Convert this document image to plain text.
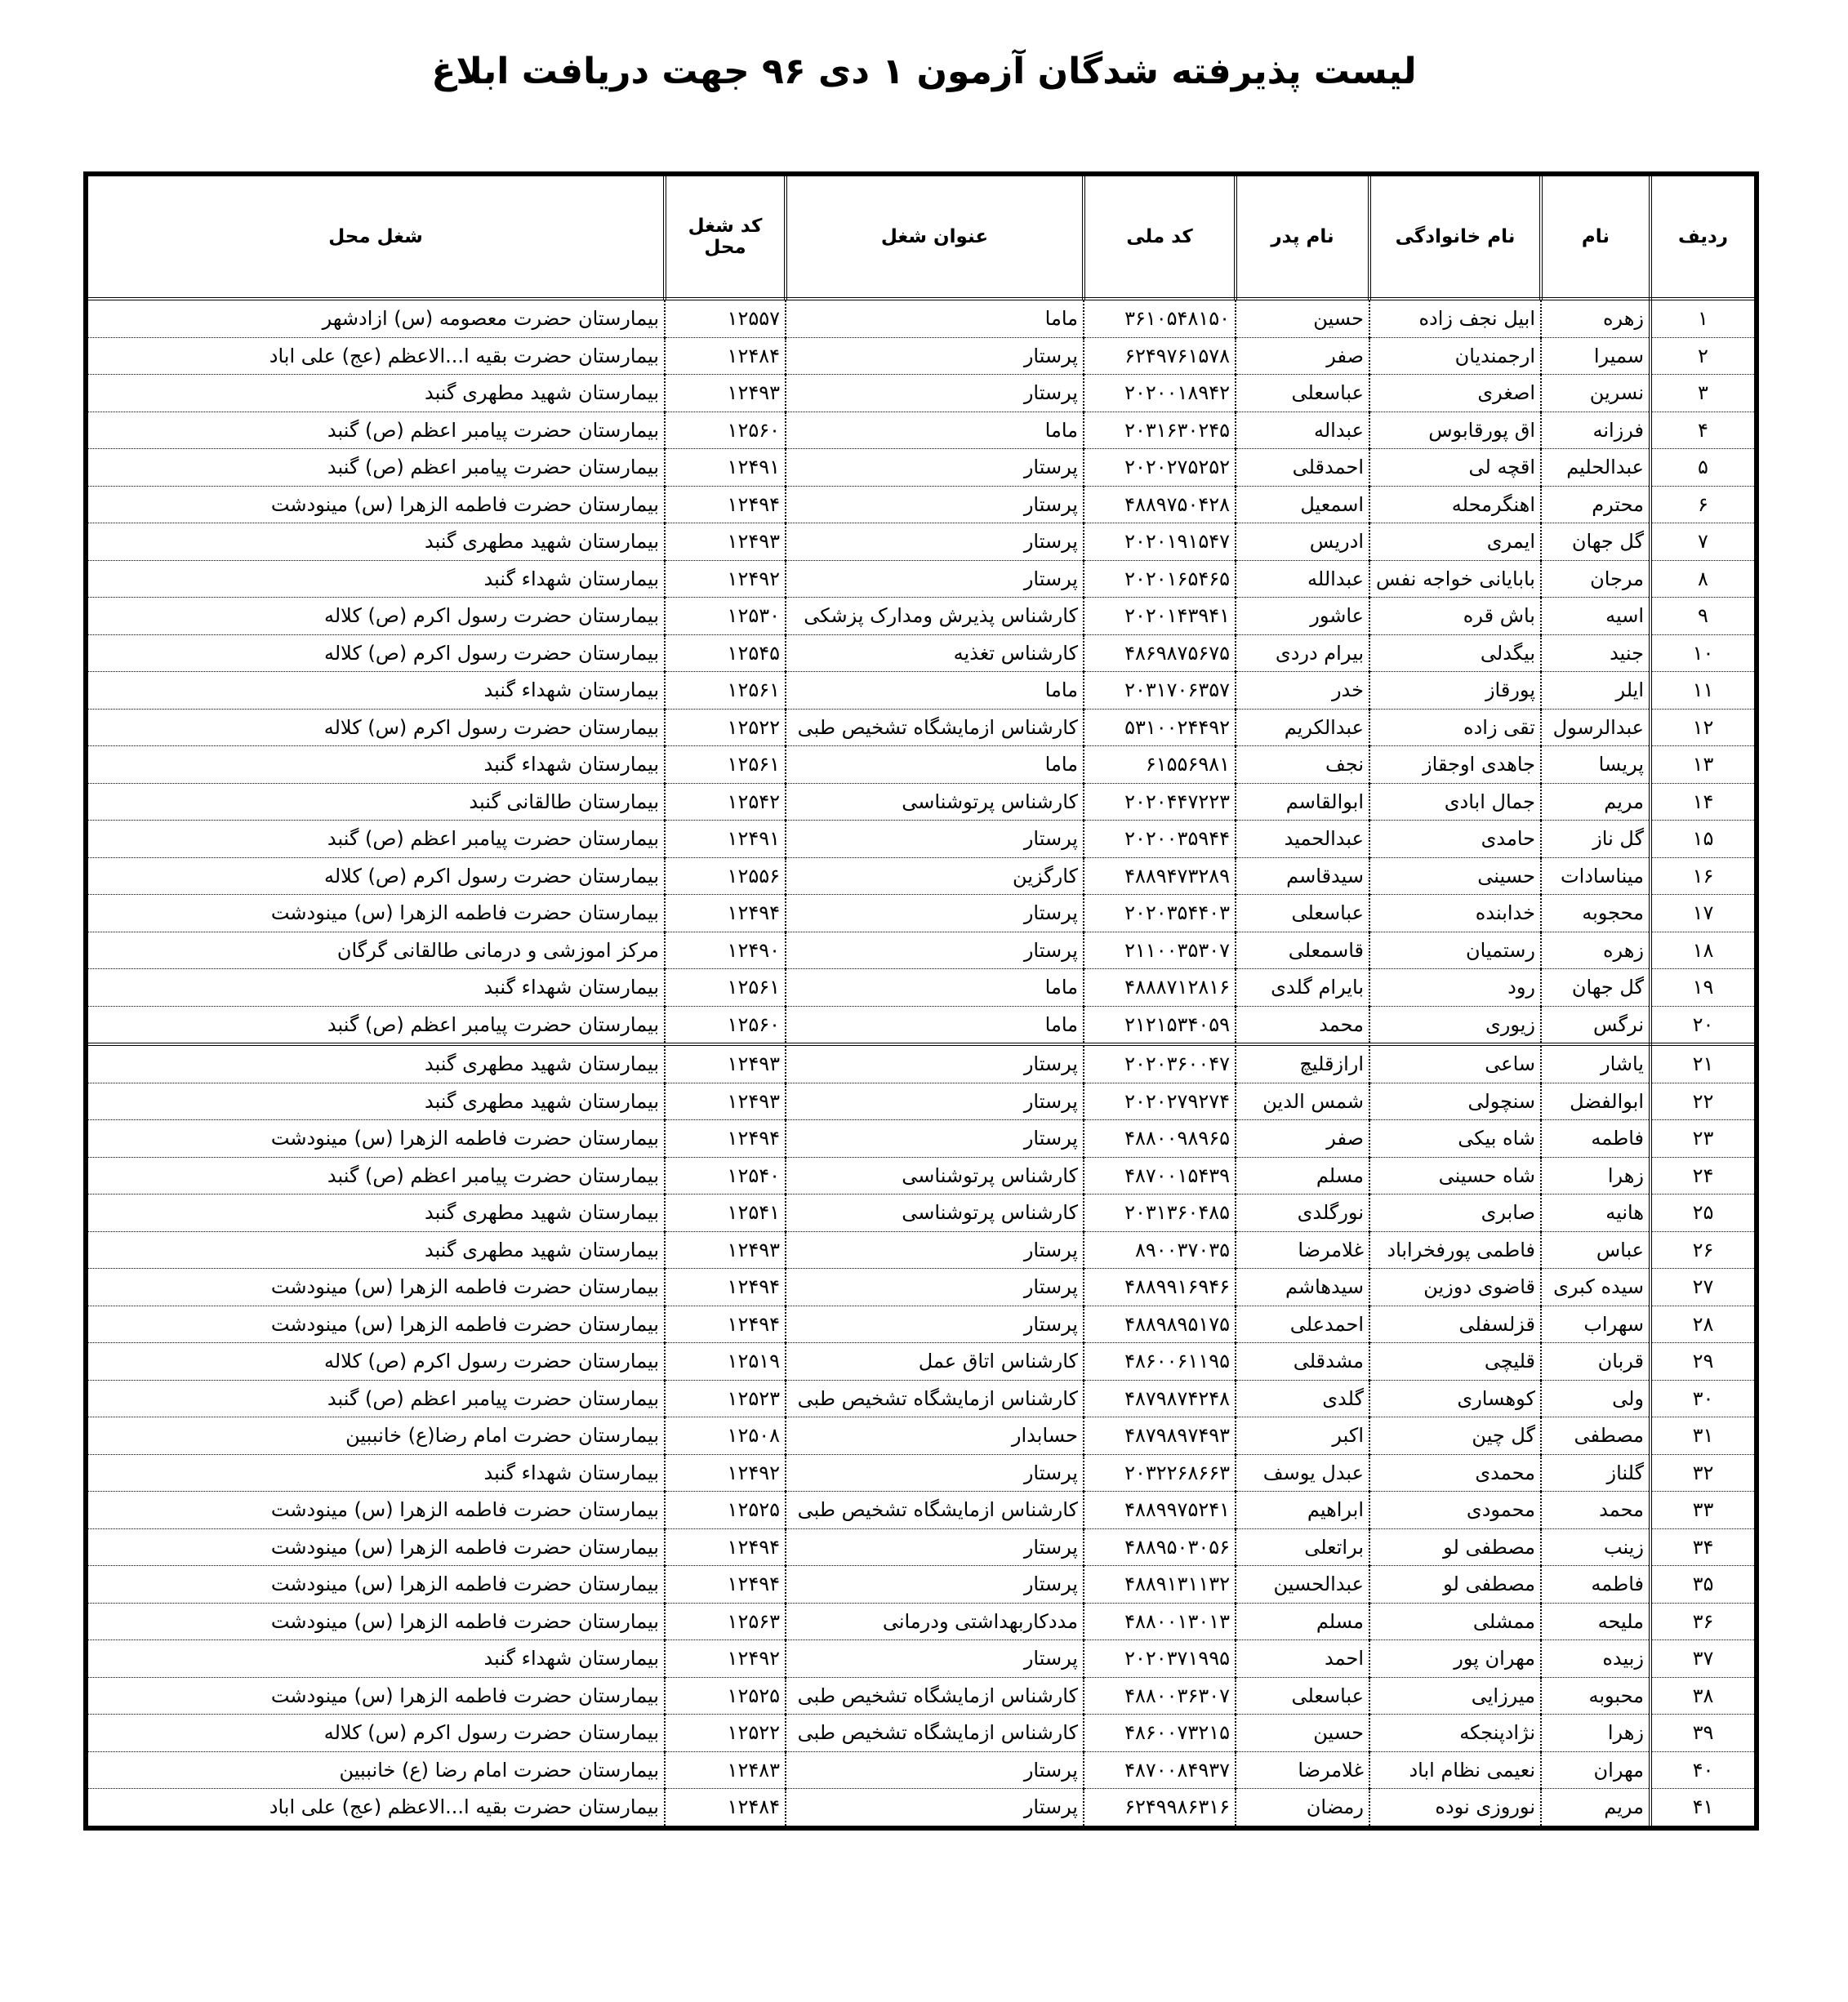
لیست پذیرفته شدگان آزمون ۱ دی ۹۶ جهت دریافت ابلاغ
ردیف	نام	نام خانوادگی	نام پدر	کد ملی	عنوان شغل	کد شغل محل	شغل محل
۱	زهره	ابیل نجف زاده	حسین	۳۶۱۰۵۴۸۱۵۰	ماما	۱۲۵۵۷	بیمارستان حضرت معصومه (س) ازادشهر
۲	سمیرا	ارجمندیان	صفر	۶۲۴۹۷۶۱۵۷۸	پرستار	۱۲۴۸۴	بیمارستان حضرت بقیه ا...الاعظم (عج) علی اباد
۳	نسرین	اصغری	عباسعلی	۲۰۲۰۰۱۸۹۴۲	پرستار	۱۲۴۹۳	بیمارستان شهید مطهری گنبد
۴	فرزانه	اق پورقابوس	عبداله	۲۰۳۱۶۳۰۲۴۵	ماما	۱۲۵۶۰	بیمارستان حضرت پیامبر اعظم (ص) گنبد
۵	عبدالحلیم	اقچه لی	احمدقلی	۲۰۲۰۲۷۵۲۵۲	پرستار	۱۲۴۹۱	بیمارستان حضرت پیامبر اعظم (ص) گنبد
۶	محترم	اهنگرمحله	اسمعیل	۴۸۸۹۷۵۰۴۲۸	پرستار	۱۲۴۹۴	بیمارستان حضرت فاطمه الزهرا (س) مینودشت
۷	گل جهان	ایمری	ادریس	۲۰۲۰۱۹۱۵۴۷	پرستار	۱۲۴۹۳	بیمارستان شهید مطهری گنبد
۸	مرجان	بابایانی خواجه نفس	عبدالله	۲۰۲۰۱۶۵۴۶۵	پرستار	۱۲۴۹۲	بیمارستان شهداء گنبد
۹	اسیه	باش قره	عاشور	۲۰۲۰۱۴۳۹۴۱	کارشناس پذیرش ومدارک پزشکی	۱۲۵۳۰	بیمارستان حضرت رسول اکرم (ص) کلاله
۱۰	جنید	بیگدلی	بیرام دردی	۴۸۶۹۸۷۵۶۷۵	کارشناس تغذیه	۱۲۵۴۵	بیمارستان حضرت رسول اکرم (ص) کلاله
۱۱	ایلر	پورقاز	خدر	۲۰۳۱۷۰۶۳۵۷	ماما	۱۲۵۶۱	بیمارستان شهداء گنبد
۱۲	عبدالرسول	تقی زاده	عبدالکریم	۵۳۱۰۰۲۴۴۹۲	کارشناس ازمایشگاه تشخیص طبی	۱۲۵۲۲	بیمارستان حضرت رسول اکرم (س) کلاله
۱۳	پریسا	جاهدی اوجقاز	نجف	۶۱۵۵۶۹۸۱	ماما	۱۲۵۶۱	بیمارستان شهداء گنبد
۱۴	مریم	جمال ابادی	ابوالقاسم	۲۰۲۰۴۴۷۲۲۳	کارشناس پرتوشناسی	۱۲۵۴۲	بیمارستان طالقانی گنبد
۱۵	گل ناز	حامدی	عبدالحمید	۲۰۲۰۰۳۵۹۴۴	پرستار	۱۲۴۹۱	بیمارستان حضرت پیامبر اعظم (ص) گنبد
۱۶	میناسادات	حسینی	سیدقاسم	۴۸۸۹۴۷۳۲۸۹	کارگزین	۱۲۵۵۶	بیمارستان حضرت رسول اکرم (ص) کلاله
۱۷	محجوبه	خدابنده	عباسعلی	۲۰۲۰۳۵۴۴۰۳	پرستار	۱۲۴۹۴	بیمارستان حضرت فاطمه الزهرا (س) مینودشت
۱۸	زهره	رستمیان	قاسمعلی	۲۱۱۰۰۳۵۳۰۷	پرستار	۱۲۴۹۰	مرکز اموزشی و درمانی طالقانی گرگان
۱۹	گل جهان	رود	بایرام گلدی	۴۸۸۸۷۱۲۸۱۶	ماما	۱۲۵۶۱	بیمارستان شهداء گنبد
۲۰	نرگس	زیوری	محمد	۲۱۲۱۵۳۴۰۵۹	ماما	۱۲۵۶۰	بیمارستان حضرت پیامبر اعظم (ص) گنبد
۲۱	یاشار	ساعی	ارازقلیچ	۲۰۲۰۳۶۰۰۴۷	پرستار	۱۲۴۹۳	بیمارستان شهید مطهری گنبد
۲۲	ابوالفضل	سنچولی	شمس الدین	۲۰۲۰۲۷۹۲۷۴	پرستار	۱۲۴۹۳	بیمارستان شهید مطهری گنبد
۲۳	فاطمه	شاه بیکی	صفر	۴۸۸۰۰۹۸۹۶۵	پرستار	۱۲۴۹۴	بیمارستان حضرت فاطمه الزهرا (س) مینودشت
۲۴	زهرا	شاه حسینی	مسلم	۴۸۷۰۰۱۵۴۳۹	کارشناس پرتوشناسی	۱۲۵۴۰	بیمارستان حضرت پیامبر اعظم (ص) گنبد
۲۵	هانیه	صابری	نورگلدی	۲۰۳۱۳۶۰۴۸۵	کارشناس پرتوشناسی	۱۲۵۴۱	بیمارستان شهید مطهری گنبد
۲۶	عباس	فاطمی پورفخراباد	غلامرضا	۸۹۰۰۳۷۰۳۵	پرستار	۱۲۴۹۳	بیمارستان شهید مطهری گنبد
۲۷	سیده کبری	قاضوی دوزین	سیدهاشم	۴۸۸۹۹۱۶۹۴۶	پرستار	۱۲۴۹۴	بیمارستان حضرت فاطمه الزهرا (س) مینودشت
۲۸	سهراب	قزلسفلی	احمدعلی	۴۸۸۹۸۹۵۱۷۵	پرستار	۱۲۴۹۴	بیمارستان حضرت فاطمه الزهرا (س) مینودشت
۲۹	قربان	قلیچی	مشدقلی	۴۸۶۰۰۶۱۱۹۵	کارشناس اتاق عمل	۱۲۵۱۹	بیمارستان حضرت رسول اکرم (ص) کلاله
۳۰	ولی	کوهساری	گلدی	۴۸۷۹۸۷۴۲۴۸	کارشناس ازمایشگاه تشخیص طبی	۱۲۵۲۳	بیمارستان حضرت پیامبر اعظم (ص) گنبد
۳۱	مصطفی	گل چین	اکبر	۴۸۷۹۸۹۷۴۹۳	حسابدار	۱۲۵۰۸	بیمارستان حضرت امام رضا(ع) خانببین
۳۲	گلناز	محمدی	عبدل یوسف	۲۰۳۲۲۶۸۶۶۳	پرستار	۱۲۴۹۲	بیمارستان شهداء گنبد
۳۳	محمد	محمودی	ابراهیم	۴۸۸۹۹۷۵۲۴۱	کارشناس ازمایشگاه تشخیص طبی	۱۲۵۲۵	بیمارستان حضرت فاطمه الزهرا (س) مینودشت
۳۴	زینب	مصطفی لو	براتعلی	۴۸۸۹۵۰۳۰۵۶	پرستار	۱۲۴۹۴	بیمارستان حضرت فاطمه الزهرا (س) مینودشت
۳۵	فاطمه	مصطفی لو	عبدالحسین	۴۸۸۹۱۳۱۱۳۲	پرستار	۱۲۴۹۴	بیمارستان حضرت فاطمه الزهرا (س) مینودشت
۳۶	ملیحه	ممشلی	مسلم	۴۸۸۰۰۱۳۰۱۳	مددکاربهداشتی ودرمانی	۱۲۵۶۳	بیمارستان حضرت فاطمه الزهرا (س) مینودشت
۳۷	زبیده	مهران پور	احمد	۲۰۲۰۳۷۱۹۹۵	پرستار	۱۲۴۹۲	بیمارستان شهداء گنبد
۳۸	محبوبه	میرزایی	عباسعلی	۴۸۸۰۰۳۶۳۰۷	کارشناس ازمایشگاه تشخیص طبی	۱۲۵۲۵	بیمارستان حضرت فاطمه الزهرا (س) مینودشت
۳۹	زهرا	نژادپنجکه	حسین	۴۸۶۰۰۷۳۲۱۵	کارشناس ازمایشگاه تشخیص طبی	۱۲۵۲۲	بیمارستان حضرت رسول اکرم (س) کلاله
۴۰	مهران	نعیمی نظام اباد	غلامرضا	۴۸۷۰۰۸۴۹۳۷	پرستار	۱۲۴۸۳	بیمارستان حضرت امام رضا (ع) خانببین
۴۱	مریم	نوروزی نوده	رمضان	۶۲۴۹۹۸۶۳۱۶	پرستار	۱۲۴۸۴	بیمارستان حضرت بقیه ا...الاعظم (عج) علی اباد
